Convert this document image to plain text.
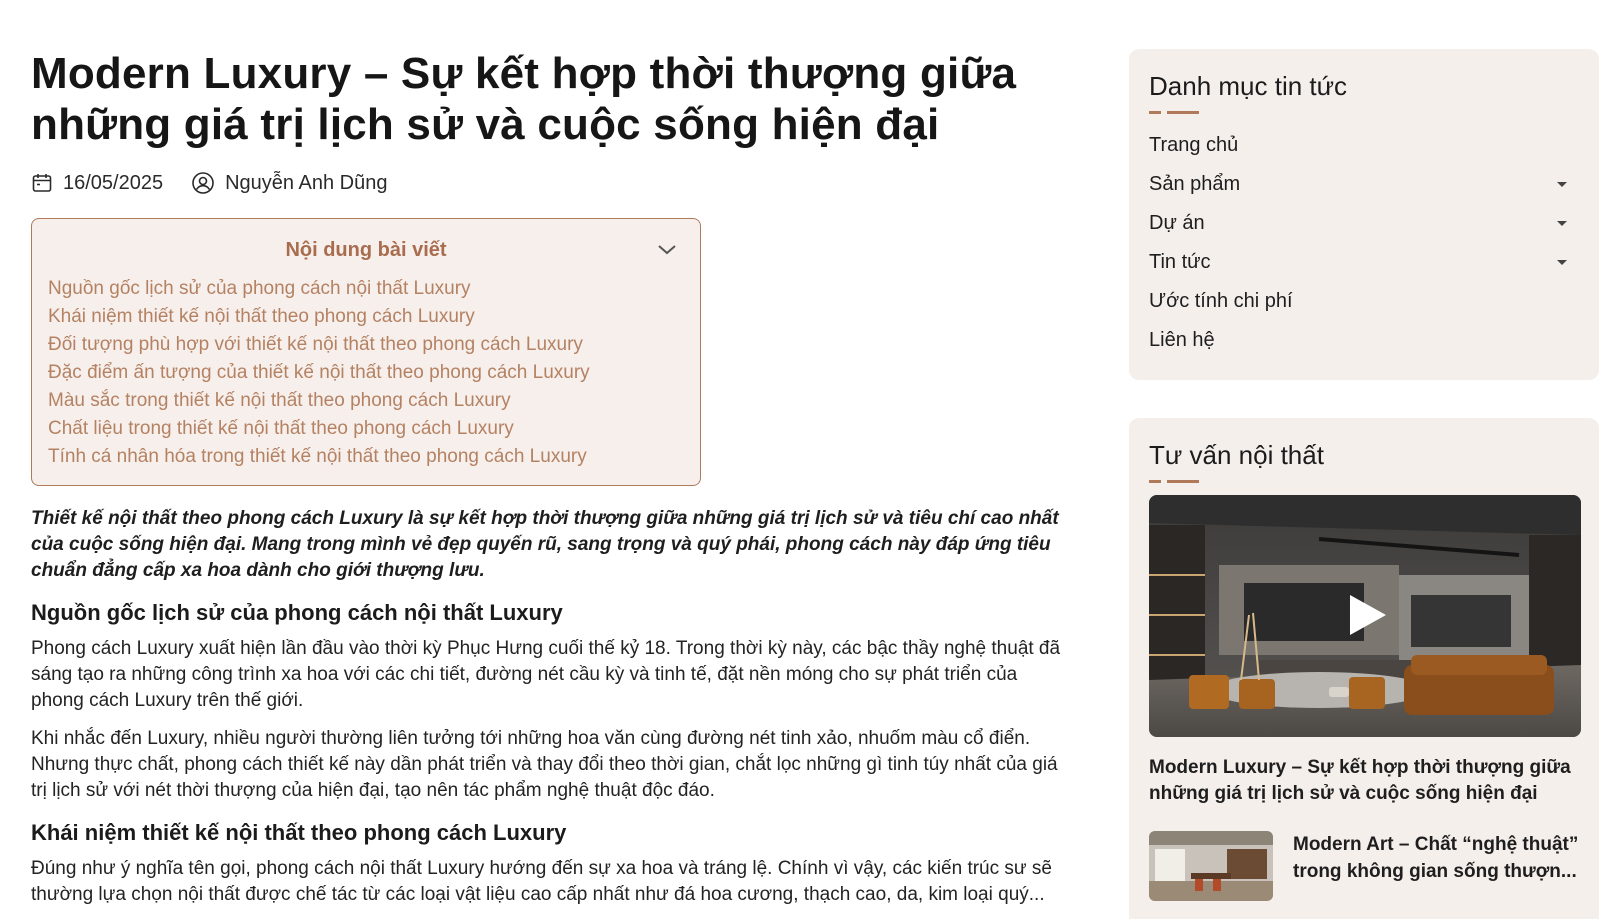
Modern Luxury – Sự kết hợp thời thượng giữa những giá trị lịch sử và cuộc sống hiện đại
16/05/2025	Nguyễn Anh Dũng
Nội dung bài viết
Nguồn gốc lịch sử của phong cách nội thất Luxury
Khái niệm thiết kế nội thất theo phong cách Luxury
Đối tượng phù hợp với thiết kế nội thất theo phong cách Luxury
Đặc điểm ấn tượng của thiết kế nội thất theo phong cách Luxury
Màu sắc trong thiết kế nội thất theo phong cách Luxury
Chất liệu trong thiết kế nội thất theo phong cách Luxury
Tính cá nhân hóa trong thiết kế nội thất theo phong cách Luxury

Thiết kế nội thất theo phong cách Luxury là sự kết hợp thời thượng giữa những giá trị lịch sử và tiêu chí cao nhất của cuộc sống hiện đại. Mang trong mình vẻ đẹp quyến rũ, sang trọng và quý phái, phong cách này đáp ứng tiêu chuẩn đẳng cấp xa hoa dành cho giới thượng lưu.

Nguồn gốc lịch sử của phong cách nội thất Luxury

Phong cách Luxury xuất hiện lần đầu vào thời kỳ Phục Hưng cuối thế kỷ 18. Trong thời kỳ này, các bậc thầy nghệ thuật đã sáng tạo ra những công trình xa hoa với các chi tiết, đường nét cầu kỳ và tinh tế, đặt nền móng cho sự phát triển của phong cách Luxury trên thế giới.

Khi nhắc đến Luxury, nhiều người thường liên tưởng tới những hoa văn cùng đường nét tinh xảo, nhuốm màu cổ điển. Nhưng thực chất, phong cách thiết kế này dần phát triển và thay đổi theo thời gian, chắt lọc những gì tinh túy nhất của giá trị lịch sử với nét thời thượng của hiện đại, tạo nên tác phẩm nghệ thuật độc đáo.

Khái niệm thiết kế nội thất theo phong cách Luxury

Đúng như ý nghĩa tên gọi, phong cách nội thất Luxury hướng đến sự xa hoa và tráng lệ. Chính vì vậy, các kiến trúc sư sẽ thường lựa chọn nội thất được chế tác từ các loại vật liệu cao cấp nhất như đá hoa cương, thạch cao, da, kim loại quý...

Danh mục tin tức
Trang chủ
Sản phẩm
Dự án
Tin tức
Ước tính chi phí
Liên hệ
Tư vấn nội thất
Modern Luxury – Sự kết hợp thời thượng giữa những giá trị lịch sử và cuộc sống hiện đại
Modern Art – Chất “nghệ thuật” trong không gian sống thượn...
